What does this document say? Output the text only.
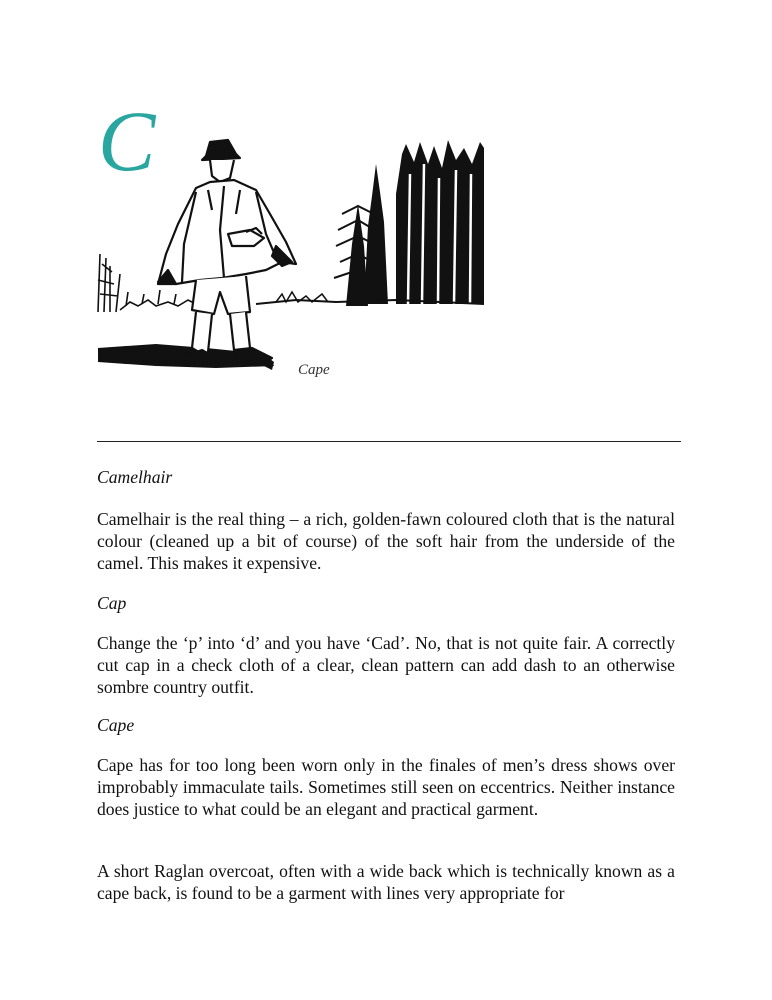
C
Cape

Camelhair

Camelhair is the real thing – a rich, golden-fawn coloured cloth that is the natural colour (cleaned up a bit of course) of the soft hair from the underside of the camel. This makes it expensive.

Cap

Change the ‘p’ into ‘d’ and you have ‘Cad’. No, that is not quite fair. A correctly cut cap in a check cloth of a clear, clean pattern can add dash to an otherwise sombre country outfit.

Cape

Cape has for too long been worn only in the finales of men’s dress shows over improbably immaculate tails. Sometimes still seen on eccentrics. Neither instance does justice to what could be an elegant and practical garment.

A short Raglan overcoat, often with a wide back which is technically known as a cape back, is found to be a garment with lines very appropriate for
